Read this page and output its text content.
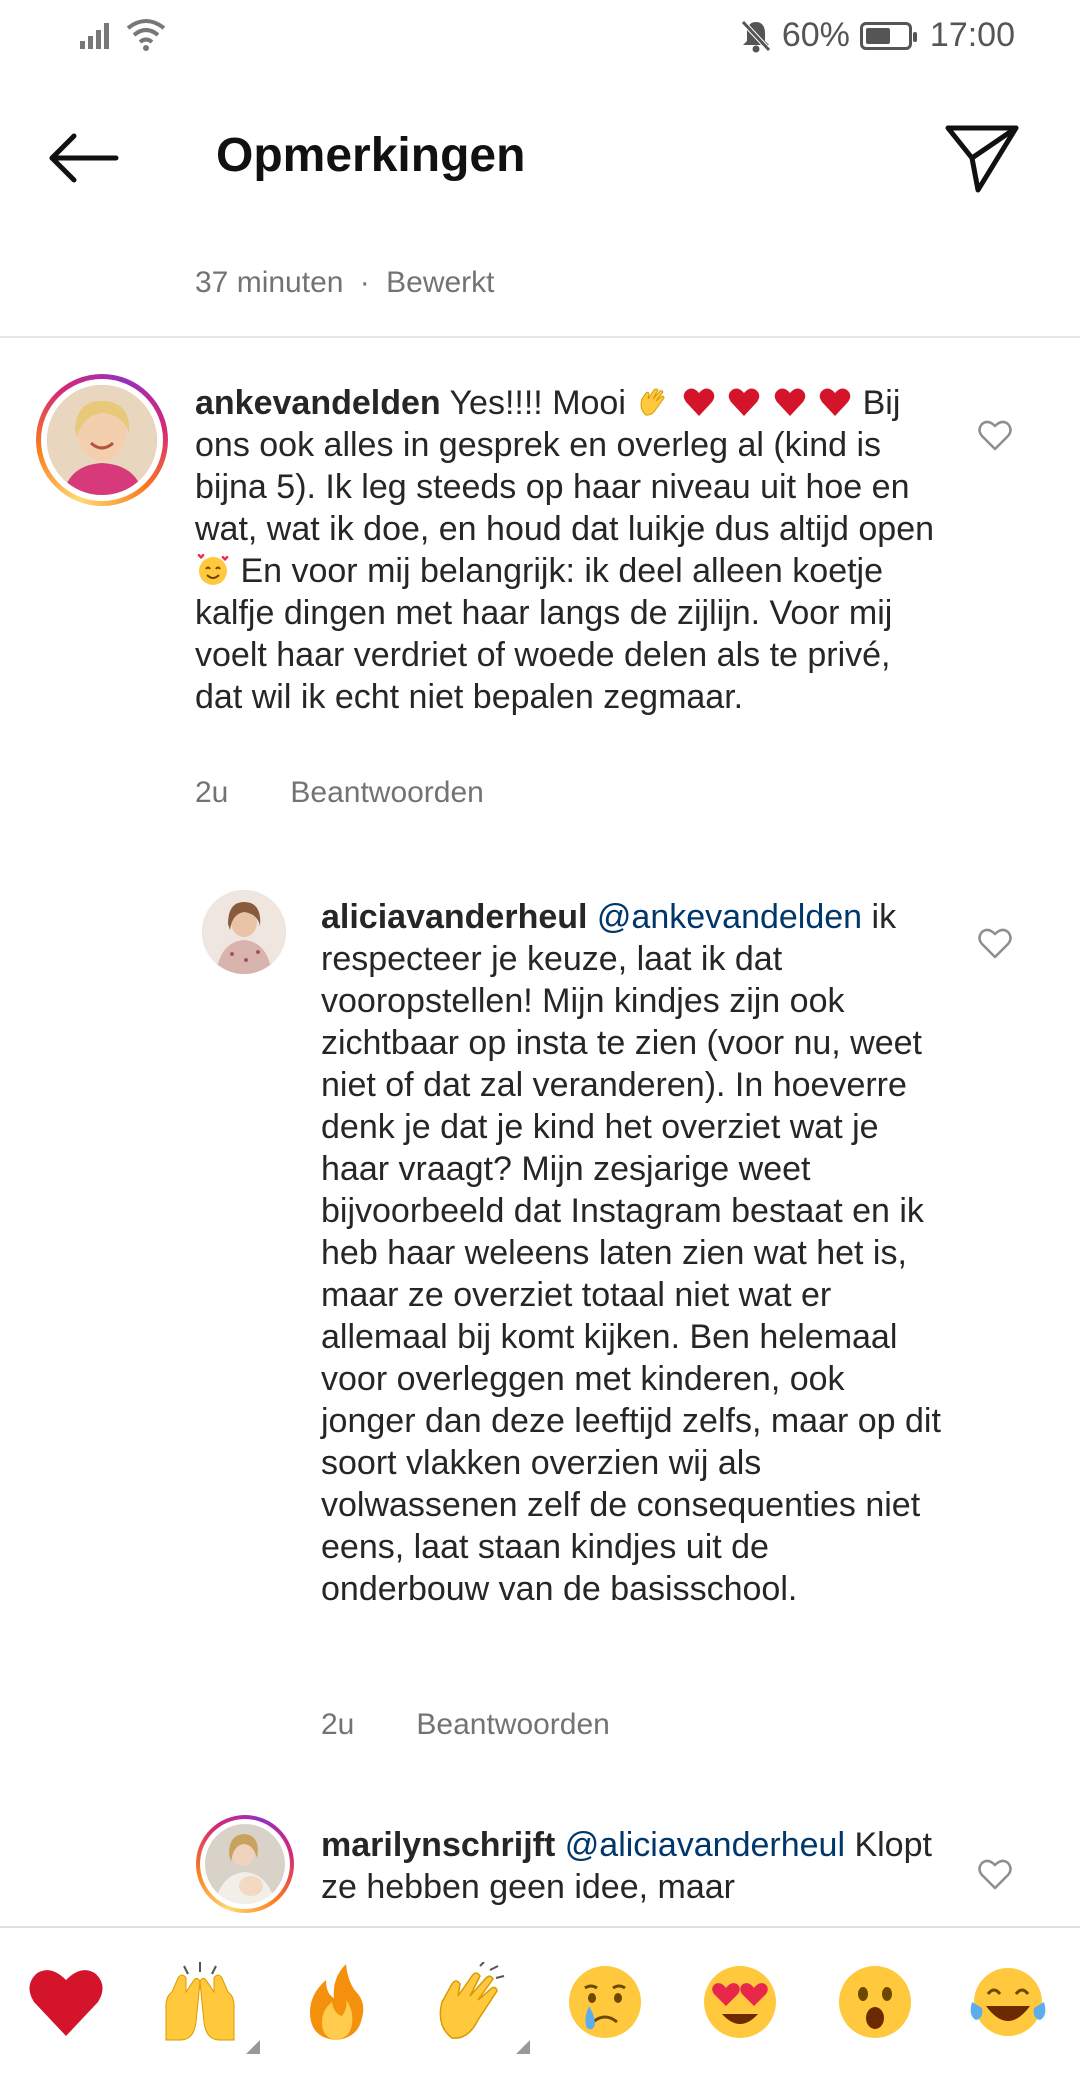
60% 17:00
Opmerkingen
37 minuten · Bewerkt
ankevandelden Yes!!!! Mooi	Bij ons ook alles in gesprek en overleg al (kind is bijna 5). Ik leg steeds op haar niveau uit hoe en wat, wat ik doe, en houd dat luikje dus altijd open  En voor mij belangrijk: ik deel alleen koetje kalfje dingen met haar langs de zijlijn. Voor mij voelt haar verdriet of woede delen als te privé, dat wil ik echt niet bepalen zegmaar.
2u Beantwoorden
aliciavanderheul @ankevandelden ik respecteer je keuze, laat ik dat vooropstellen! Mijn kindjes zijn ook zichtbaar op insta te zien (voor nu, weet niet of dat zal veranderen). In hoeverre denk je dat je kind het overziet wat je haar vraagt? Mijn zesjarige weet bijvoorbeeld dat Instagram bestaat en ik heb haar weleens laten zien wat het is, maar ze overziet totaal niet wat er allemaal bij komt kijken. Ben helemaal voor overleggen met kinderen, ook jonger dan deze leeftijd zelfs, maar op dit soort vlakken overzien wij als volwassenen zelf de consequenties niet eens, laat staan kindjes uit de onderbouw van de basisschool.
2u Beantwoorden
marilynschrijft @aliciavanderheul Klopt ze hebben geen idee, maar
